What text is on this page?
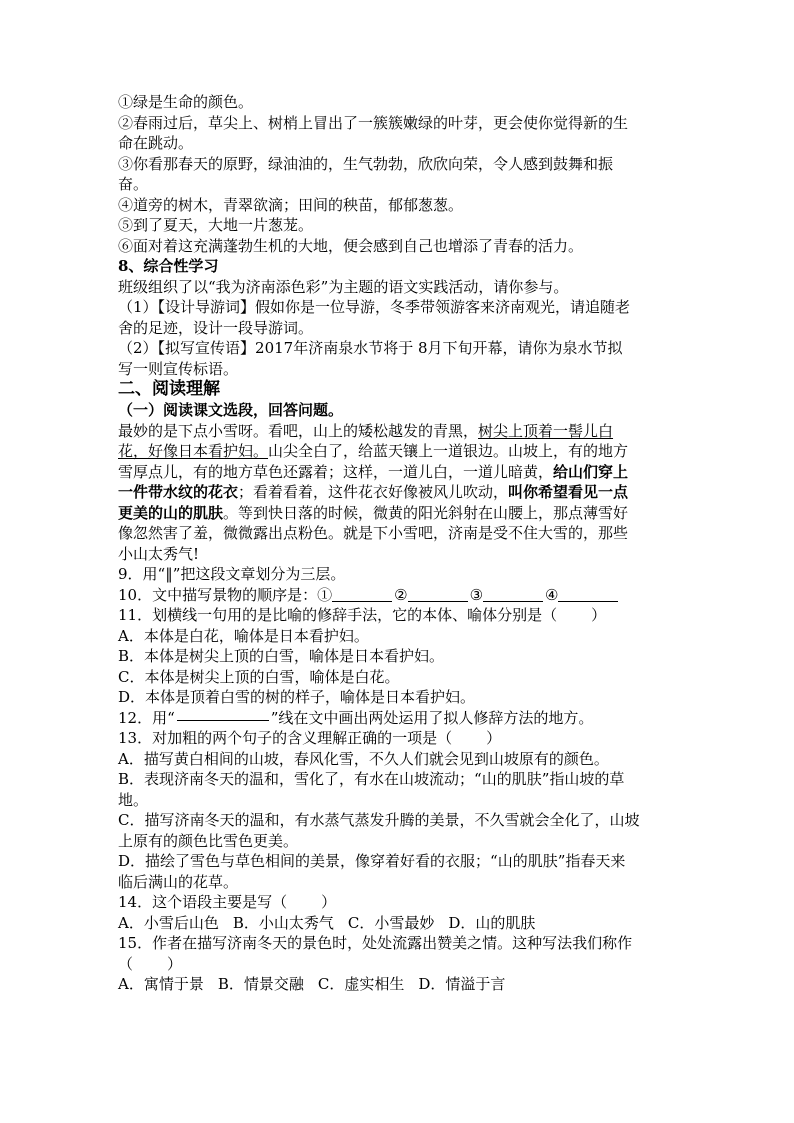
①绿是生命的颜色。
②春雨过后，草尖上、树梢上冒出了一簇簇嫩绿的叶芽，更会使你觉得新的生
命在跳动。
③你看那春天的原野，绿油油的，生气勃勃，欣欣向荣，令人感到鼓舞和振
奋。
④道旁的树木，青翠欲滴；田间的秧苗，郁郁葱葱。
⑤到了夏天，大地一片葱茏。
⑥面对着这充满蓬勃生机的大地，便会感到自己也增添了青春的活力。
8、综合性学习
班级组织了以“我为济南添色彩”为主题的语文实践活动，请你参与。
（1）【设计导游词】假如你是一位导游，冬季带领游客来济南观光，请追随老
舍的足迹，设计一段导游词。
（2）【拟写宣传语】2017年济南泉水节将于 8月下旬开幕，请你为泉水节拟
写一则宣传标语。
二、阅读理解
（一）阅读课文选段，回答问题。
最妙的是下点小雪呀。看吧，山上的矮松越发的青黑，树尖上顶着一髻儿白
花，好像日本看护妇。山尖全白了，给蓝天镶上一道银边。山坡上，有的地方
雪厚点儿，有的地方草色还露着；这样，一道儿白，一道儿暗黄，给山们穿上
一件带水纹的花衣；看着看着，这件花衣好像被风儿吹动，叫你希望看见一点
更美的山的肌肤。等到快日落的时候，微黄的阳光斜射在山腰上，那点薄雪好
像忽然害了羞，微微露出点粉色。就是下小雪吧，济南是受不住大雪的，那些
小山太秀气!
9．用“‖”把这段文章划分为三层。
10．文中描写景物的顺序是：①	②	③	④
11．划横线一句用的是比喻的修辞手法，它的本体、喻体分别是（ ）
A．本体是白花，喻体是日本看护妇。
B．本体是树尖上顶的白雪，喻体是日本看护妇。
C．本体是树尖上顶的白雪，喻体是白花。
D．本体是顶着白雪的树的样子，喻体是日本看护妇。
12．用“	”线在文中画出两处运用了拟人修辞方法的地方。
13．对加粗的两个句子的含义理解正确的一项是（ ）
A．描写黄白相间的山坡，春风化雪，不久人们就会见到山坡原有的颜色。
B．表现济南冬天的温和，雪化了，有水在山坡流动；“山的肌肤”指山坡的草
地。
C．描写济南冬天的温和，有水蒸气蒸发升腾的美景，不久雪就会全化了，山坡
上原有的颜色比雪色更美。
D．描绘了雪色与草色相间的美景，像穿着好看的衣服；“山的肌肤”指春天来
临后满山的花草。
14．这个语段主要是写（ ）
A．小雪后山色 B．小山太秀气 C．小雪最妙 D．山的肌肤
15．作者在描写济南冬天的景色时，处处流露出赞美之情。这种写法我们称作
（ ）
A．寓情于景 B．情景交融 C．虚实相生 D．情溢于言
